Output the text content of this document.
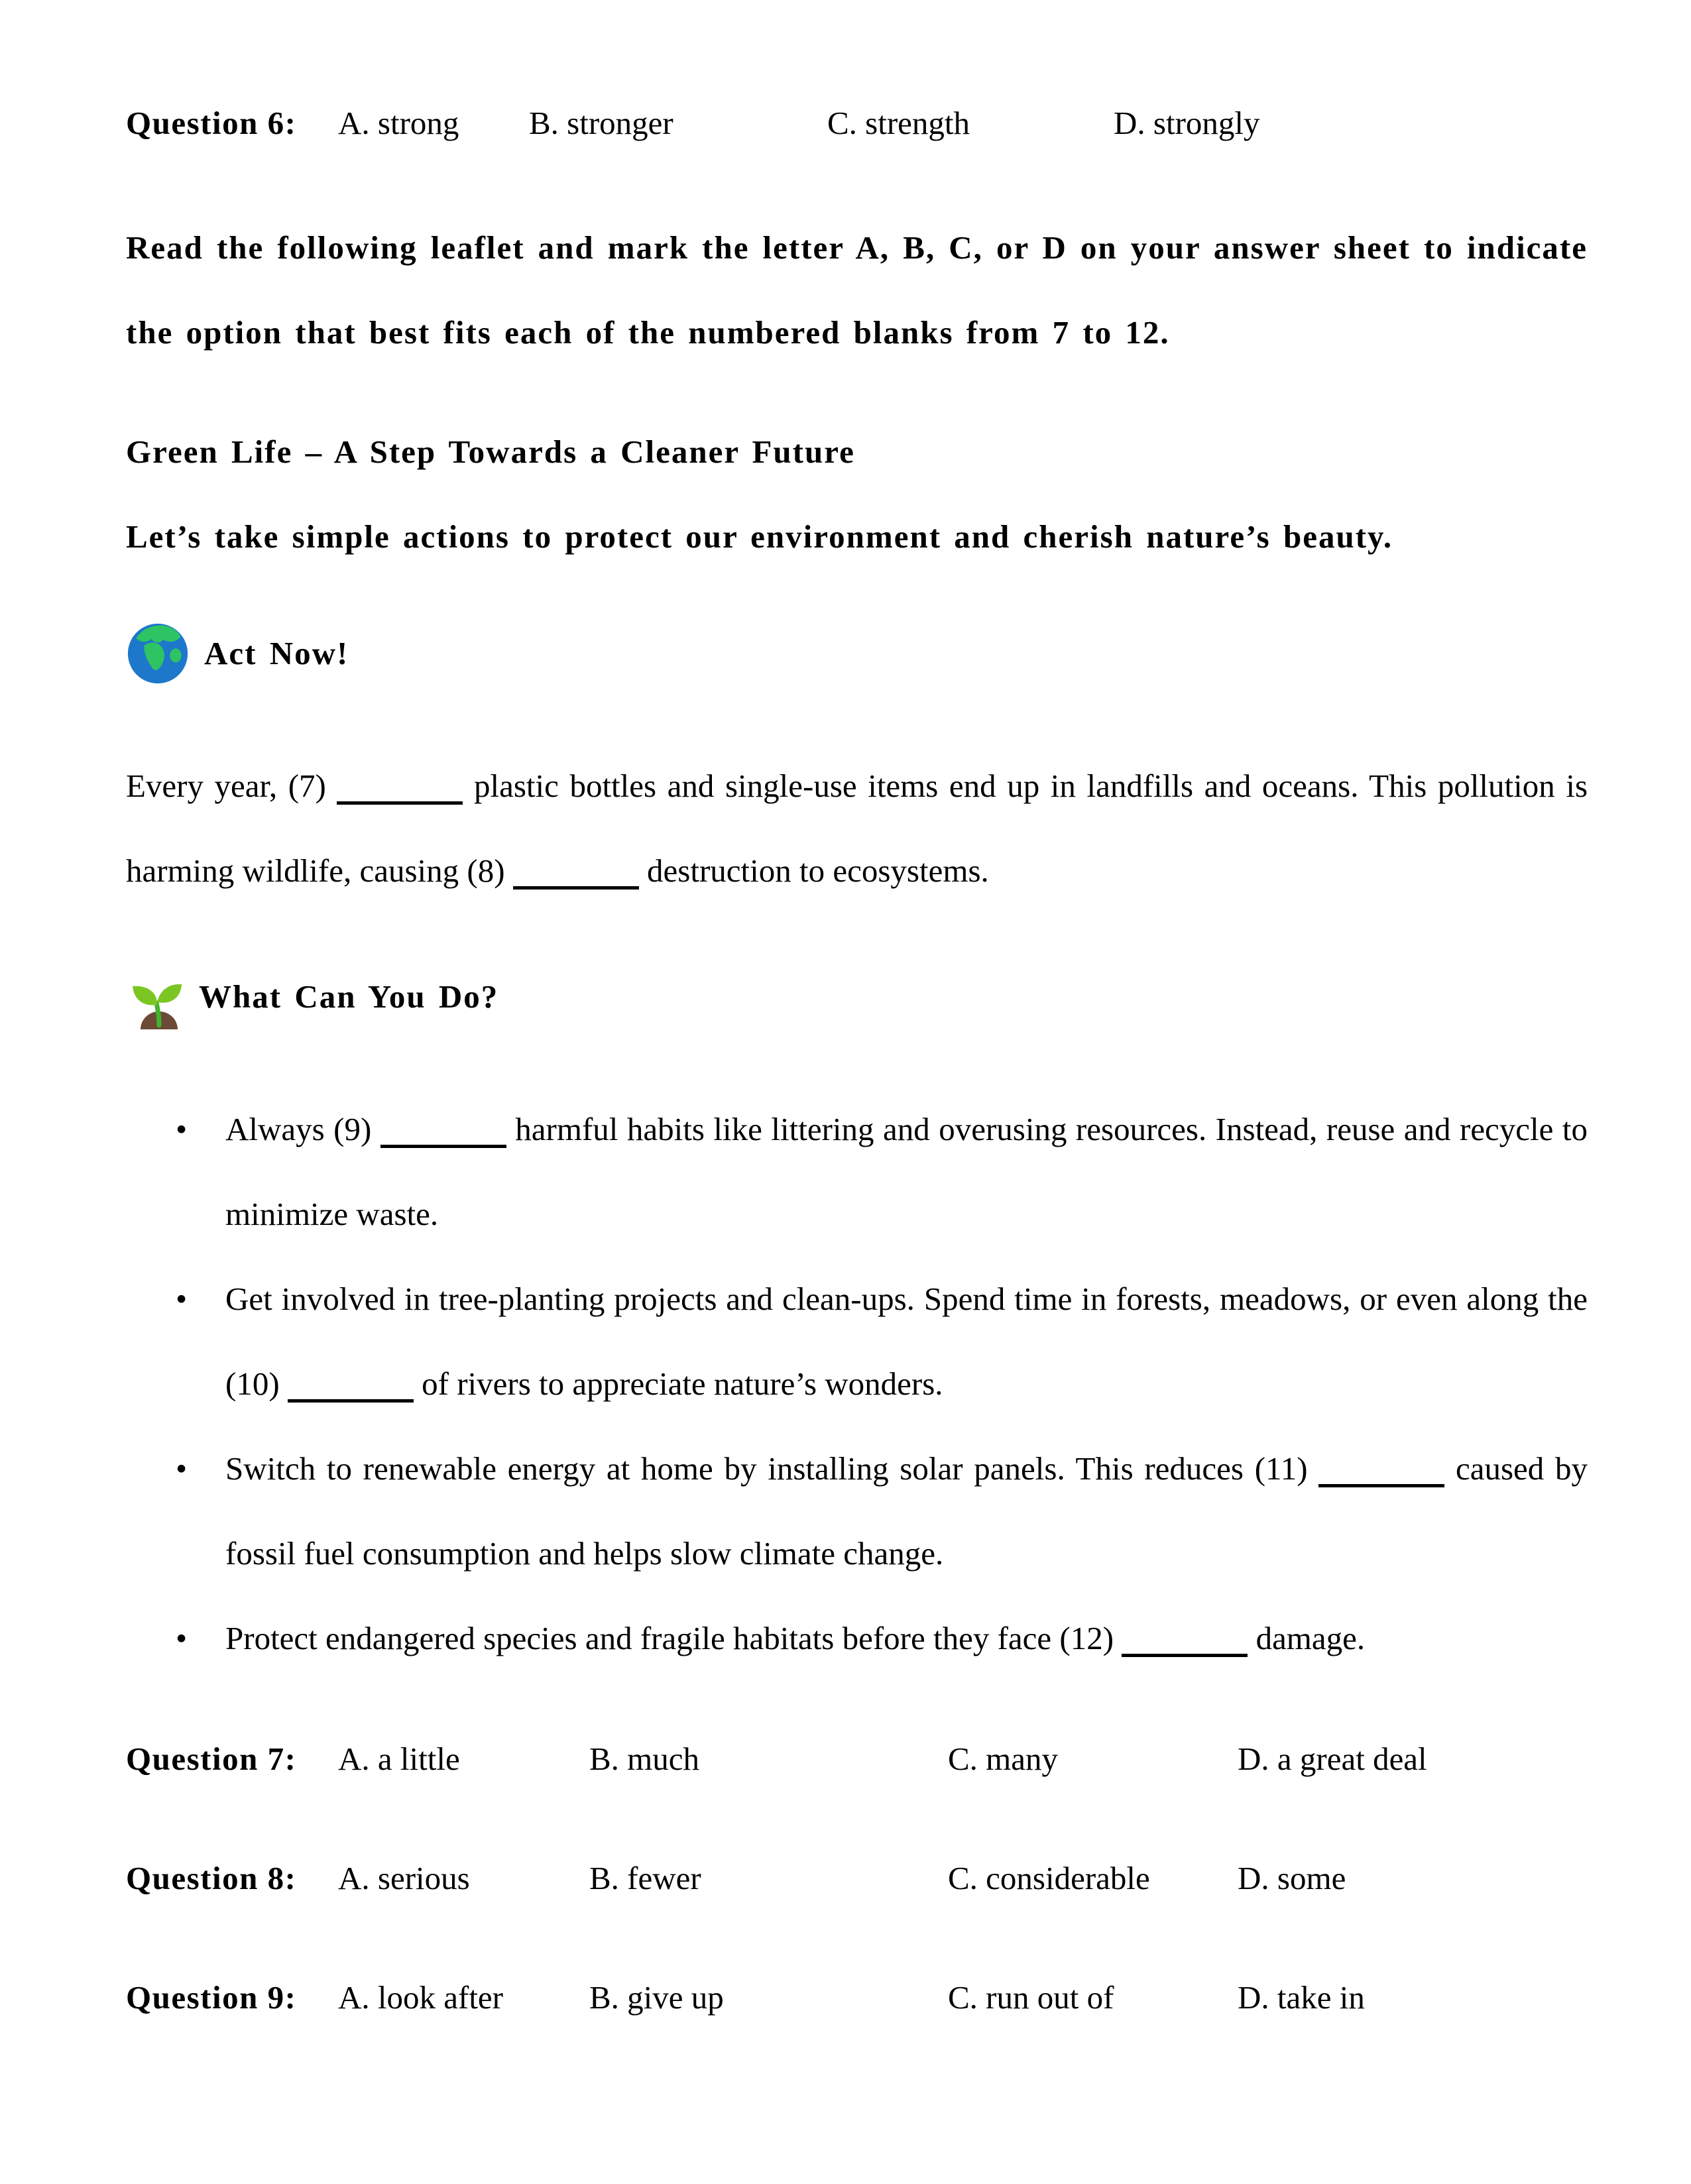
Question 6:	A. strong	B. stronger	C. strength	D. strongly

Read the following leaflet and mark the letter A, B, C, or D on your answer sheet to indicate the option that best fits each of the numbered blanks from 7 to 12.

Green Life – A Step Towards a Cleaner Future

Let’s take simple actions to protect our environment and cherish nature’s beauty.

Act Now!

Every year, (7)	plastic bottles and single-use items end up in landfills and oceans. This pollution is harming wildlife, causing (8)	destruction to ecosystems.

What Can You Do?
•	Always (9)	harmful habits like littering and overusing resources. Instead, reuse and recycle to minimize waste.
•	Get involved in tree-planting projects and clean-ups. Spend time in forests, meadows, or even along the (10)	of rivers to appreciate nature’s wonders.
•	Switch to renewable energy at home by installing solar panels. This reduces (11)	caused by fossil fuel consumption and helps slow climate change.
•	Protect endangered species and fragile habitats before they face (12)	damage.
Question 7:	A. a little	B. much	C. many	D. a great deal
Question 8:	A. serious	B. fewer	C. considerable	D. some
Question 9:	A. look after	B. give up	C. run out of	D. take in
